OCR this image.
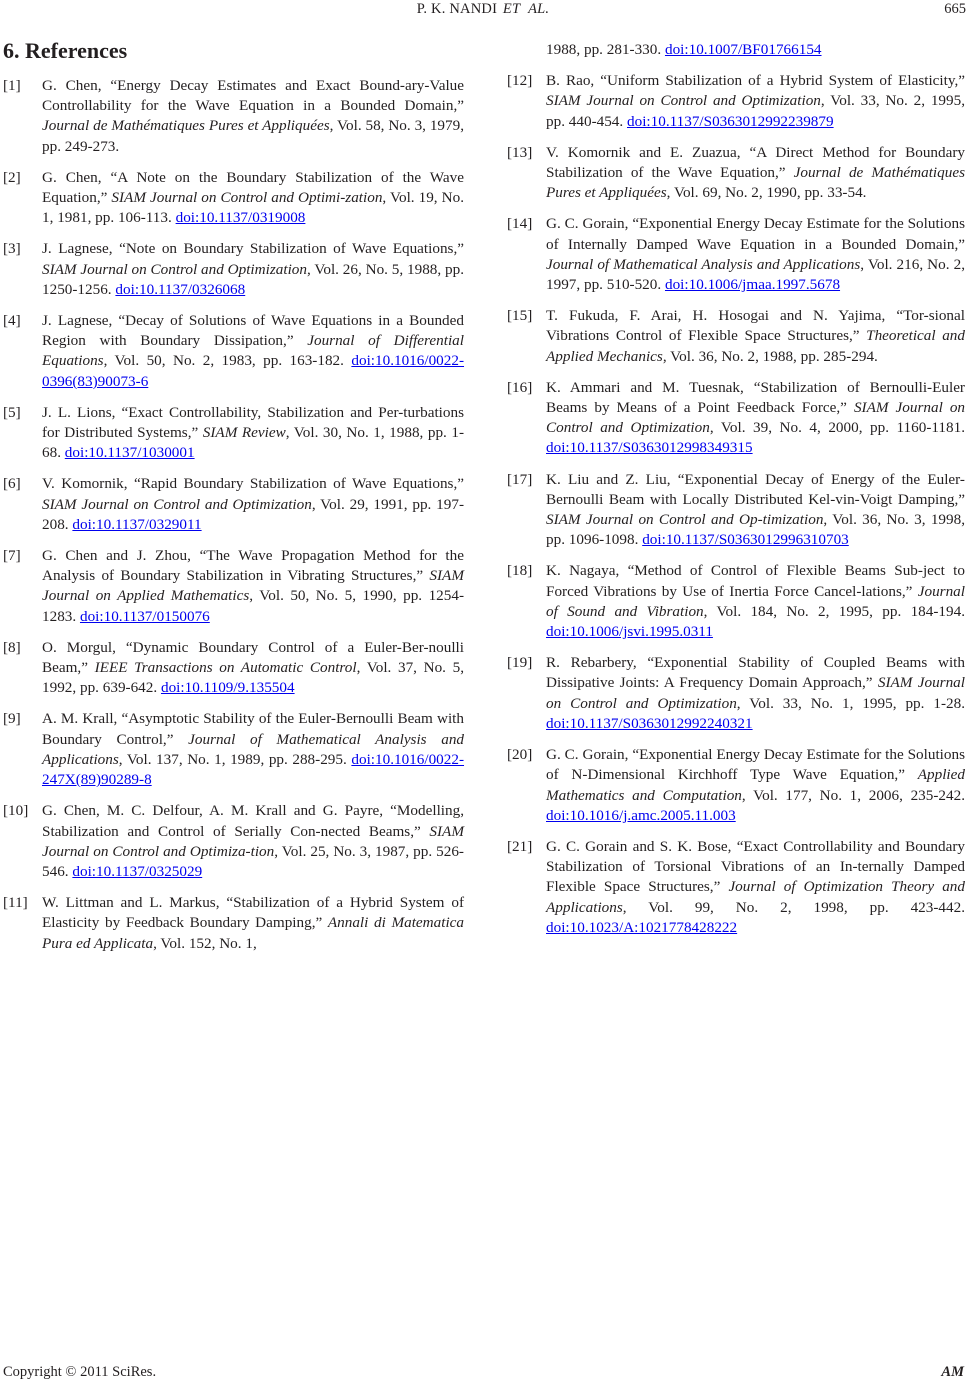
P. K. NANDI ET AL.	665
6. References
[1]	G. Chen, “Energy Decay Estimates and Exact Bound-ary-Value Controllability for the Wave Equation in a Bounded Domain,” Journal de Mathématiques Pures et Appliquées, Vol. 58, No. 3, 1979, pp. 249-273.
[2]	G. Chen, “A Note on the Boundary Stabilization of the Wave Equation,” SIAM Journal on Control and Optimi-zation, Vol. 19, No. 1, 1981, pp. 106-113. doi:10.1137/0319008
[3]	J. Lagnese, “Note on Boundary Stabilization of Wave Equations,” SIAM Journal on Control and Optimization, Vol. 26, No. 5, 1988, pp. 1250-1256. doi:10.1137/0326068
[4]	J. Lagnese, “Decay of Solutions of Wave Equations in a Bounded Region with Boundary Dissipation,” Journal of Differential Equations, Vol. 50, No. 2, 1983, pp. 163-182. doi:10.1016/0022-0396(83)90073-6
[5]	J. L. Lions, “Exact Controllability, Stabilization and Per-turbations for Distributed Systems,” SIAM Review, Vol. 30, No. 1, 1988, pp. 1-68. doi:10.1137/1030001
[6]	V. Komornik, “Rapid Boundary Stabilization of Wave Equations,” SIAM Journal on Control and Optimization, Vol. 29, 1991, pp. 197-208. doi:10.1137/0329011
[7]	G. Chen and J. Zhou, “The Wave Propagation Method for the Analysis of Boundary Stabilization in Vibrating Structures,” SIAM Journal on Applied Mathematics, Vol. 50, No. 5, 1990, pp. 1254-1283. doi:10.1137/0150076
[8]	O. Morgul, “Dynamic Boundary Control of a Euler-Ber-noulli Beam,” IEEE Transactions on Automatic Control, Vol. 37, No. 5, 1992, pp. 639-642. doi:10.1109/9.135504
[9]	A. M. Krall, “Asymptotic Stability of the Euler-Bernoulli Beam with Boundary Control,” Journal of Mathematical Analysis and Applications, Vol. 137, No. 1, 1989, pp. 288-295. doi:10.1016/0022-247X(89)90289-8
[10] G. Chen, M. C. Delfour, A. M. Krall and G. Payre, “Modelling, Stabilization and Control of Serially Con-nected Beams,” SIAM Journal on Control and Optimiza-tion, Vol. 25, No. 3, 1987, pp. 526-546. doi:10.1137/0325029
[11] W. Littman and L. Markus, “Stabilization of a Hybrid System of Elasticity by Feedback Boundary Damping,” Annali di Matematica Pura ed Applicata, Vol. 152, No. 1,
1988, pp. 281-330. doi:10.1007/BF01766154
[12] B. Rao, “Uniform Stabilization of a Hybrid System of Elasticity,” SIAM Journal on Control and Optimization, Vol. 33, No. 2, 1995, pp. 440-454. doi:10.1137/S0363012992239879
[13] V. Komornik and E. Zuazua, “A Direct Method for Boundary Stabilization of the Wave Equation,” Journal de Mathématiques Pures et Appliquées, Vol. 69, No. 2, 1990, pp. 33-54.
[14] G. C. Gorain, “Exponential Energy Decay Estimate for the Solutions of Internally Damped Wave Equation in a Bounded Domain,” Journal of Mathematical Analysis and Applications, Vol. 216, No. 2, 1997, pp. 510-520. doi:10.1006/jmaa.1997.5678
[15] T. Fukuda, F. Arai, H. Hosogai and N. Yajima, “Tor-sional Vibrations Control of Flexible Space Structures,” Theoretical and Applied Mechanics, Vol. 36, No. 2, 1988, pp. 285-294.
[16] K. Ammari and M. Tuesnak, “Stabilization of Bernoulli-Euler Beams by Means of a Point Feedback Force,” SIAM Journal on Control and Optimization, Vol. 39, No. 4, 2000, pp. 1160-1181. doi:10.1137/S0363012998349315
[17] K. Liu and Z. Liu, “Exponential Decay of Energy of the Euler-Bernoulli Beam with Locally Distributed Kel-vin-Voigt Damping,” SIAM Journal on Control and Op-timization, Vol. 36, No. 3, 1998, pp. 1096-1098. doi:10.1137/S0363012996310703
[18] K. Nagaya, “Method of Control of Flexible Beams Sub-ject to Forced Vibrations by Use of Inertia Force Cancel-lations,” Journal of Sound and Vibration, Vol. 184, No. 2, 1995, pp. 184-194. doi:10.1006/jsvi.1995.0311
[19] R. Rebarbery, “Exponential Stability of Coupled Beams with Dissipative Joints: A Frequency Domain Approach,” SIAM Journal on Control and Optimization, Vol. 33, No. 1, 1995, pp. 1-28. doi:10.1137/S0363012992240321
[20] G. C. Gorain, “Exponential Energy Decay Estimate for the Solutions of N-Dimensional Kirchhoff Type Wave Equation,” Applied Mathematics and Computation, Vol. 177, No. 1, 2006, 235-242. doi:10.1016/j.amc.2005.11.003
[21] G. C. Gorain and S. K. Bose, “Exact Controllability and Boundary Stabilization of Torsional Vibrations of an In-ternally Damped Flexible Space Structures,” Journal of Optimization Theory and Applications, Vol. 99, No. 2, 1998, pp. 423-442. doi:10.1023/A:1021778428222
Copyright © 2011 SciRes.	AM
